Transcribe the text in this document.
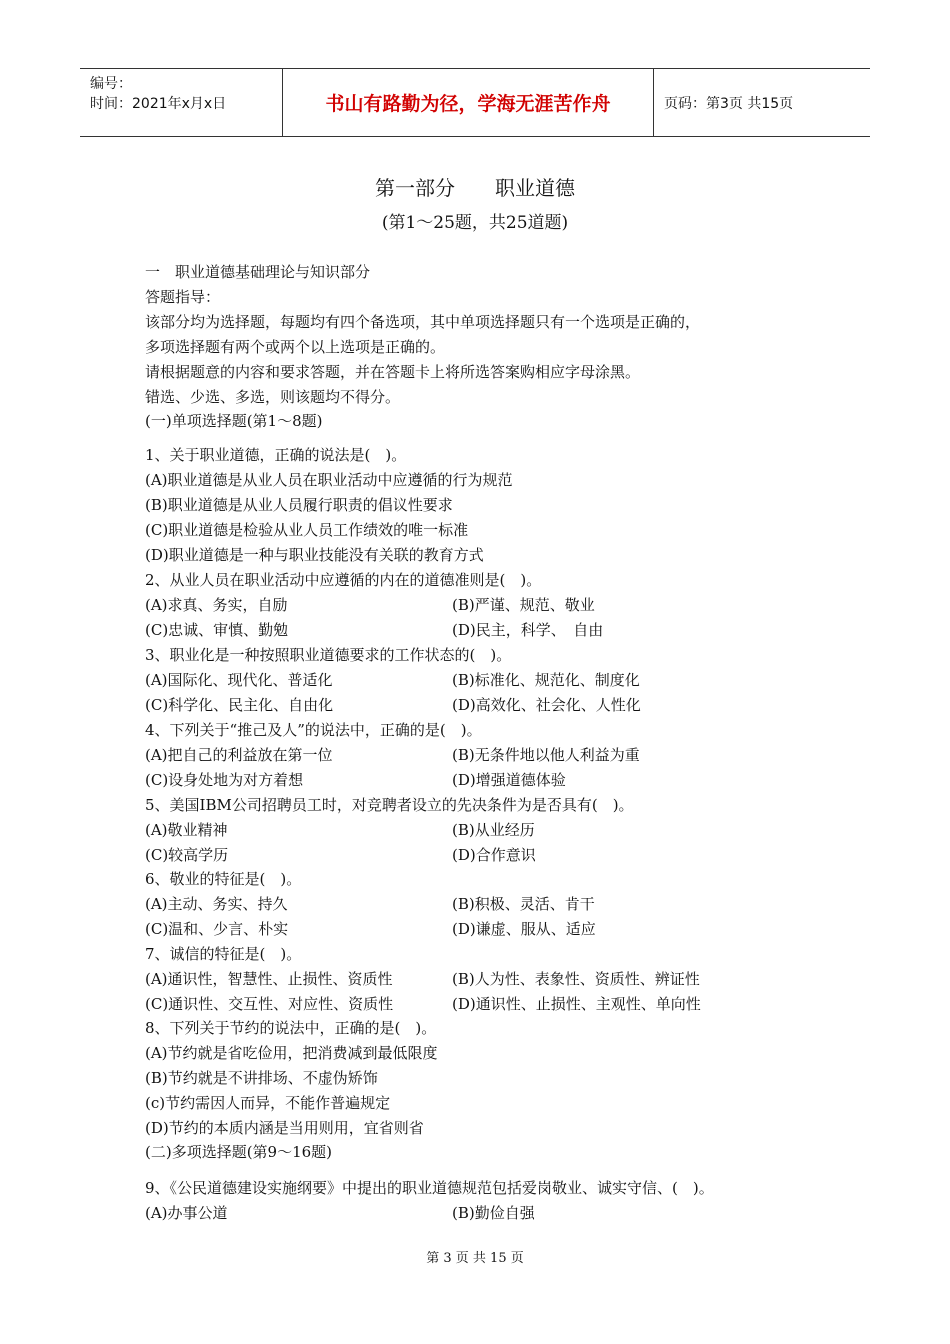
编号：
时间：2021年x月x日	书山有路勤为径，学海无涯苦作舟	页码：第3页 共15页
第一部分　　职业道德
(第1～25题，共25道题)
一　职业道德基础理论与知识部分
答题指导：
该部分均为选择题，每题均有四个备选项，其中单项选择题只有一个选项是正确的，
多项选择题有两个或两个以上选项是正确的。
请根据题意的内容和要求答题，并在答题卡上将所选答案购相应字母涂黑。
错选、少选、多选，则该题均不得分。
(一)单项选择题(第1～8题)
1、关于职业道德，正确的说法是(　)。
(A)职业道德是从业人员在职业活动中应遵循的行为规范
(B)职业道德是从业人员履行职责的倡议性要求
(C)职业道德是检验从业人员工作绩效的唯一标准
(D)职业道德是一种与职业技能没有关联的教育方式
2、从业人员在职业活动中应遵循的内在的道德准则是(　)。
(A)求真、务实，自励	(B)严谨、规范、敬业
(C)忠诚、审慎、勤勉	(D)民主，科学、　自由
3、职业化是一种按照职业道德要求的工作状态的(　)。
(A)国际化、现代化、普适化	(B)标准化、规范化、制度化
(C)科学化、民主化、自由化	(D)高效化、社会化、人性化
4、下列关于“推己及人”的说法中，正确的是(　)。
(A)把自己的利益放在第一位	(B)无条件地以他人利益为重
(C)设身处地为对方着想	(D)增强道德体验
5、美国IBM公司招聘员工时，对竞聘者设立的先决条件为是否具有(　)。
(A)敬业精神	(B)从业经历
(C)较高学历	(D)合作意识
6、敬业的特征是(　)。
(A)主动、务实、持久	(B)积极、灵活、肯干
(C)温和、少言、朴实	(D)谦虚、服从、适应
7、诚信的特征是(　)。
(A)通识性，智慧性、止损性、资质性	(B)人为性、表象性、资质性、辨证性
(C)通识性、交互性、对应性、资质性	(D)通识性、止损性、主观性、单向性
8、下列关于节约的说法中，正确的是(　)。
(A)节约就是省吃俭用，把消费减到最低限度
(B)节约就是不讲排场、不虚伪矫饰
(c)节约需因人而异，不能作普遍规定
(D)节约的本质内涵是当用则用，宜省则省
(二)多项选择题(第9～16题)
9、《公民道德建设实施纲要》中提出的职业道德规范包括爱岗敬业、诚实守信、(　)。
(A)办事公道	(B)勤俭自强
第 3 页 共 15 页
